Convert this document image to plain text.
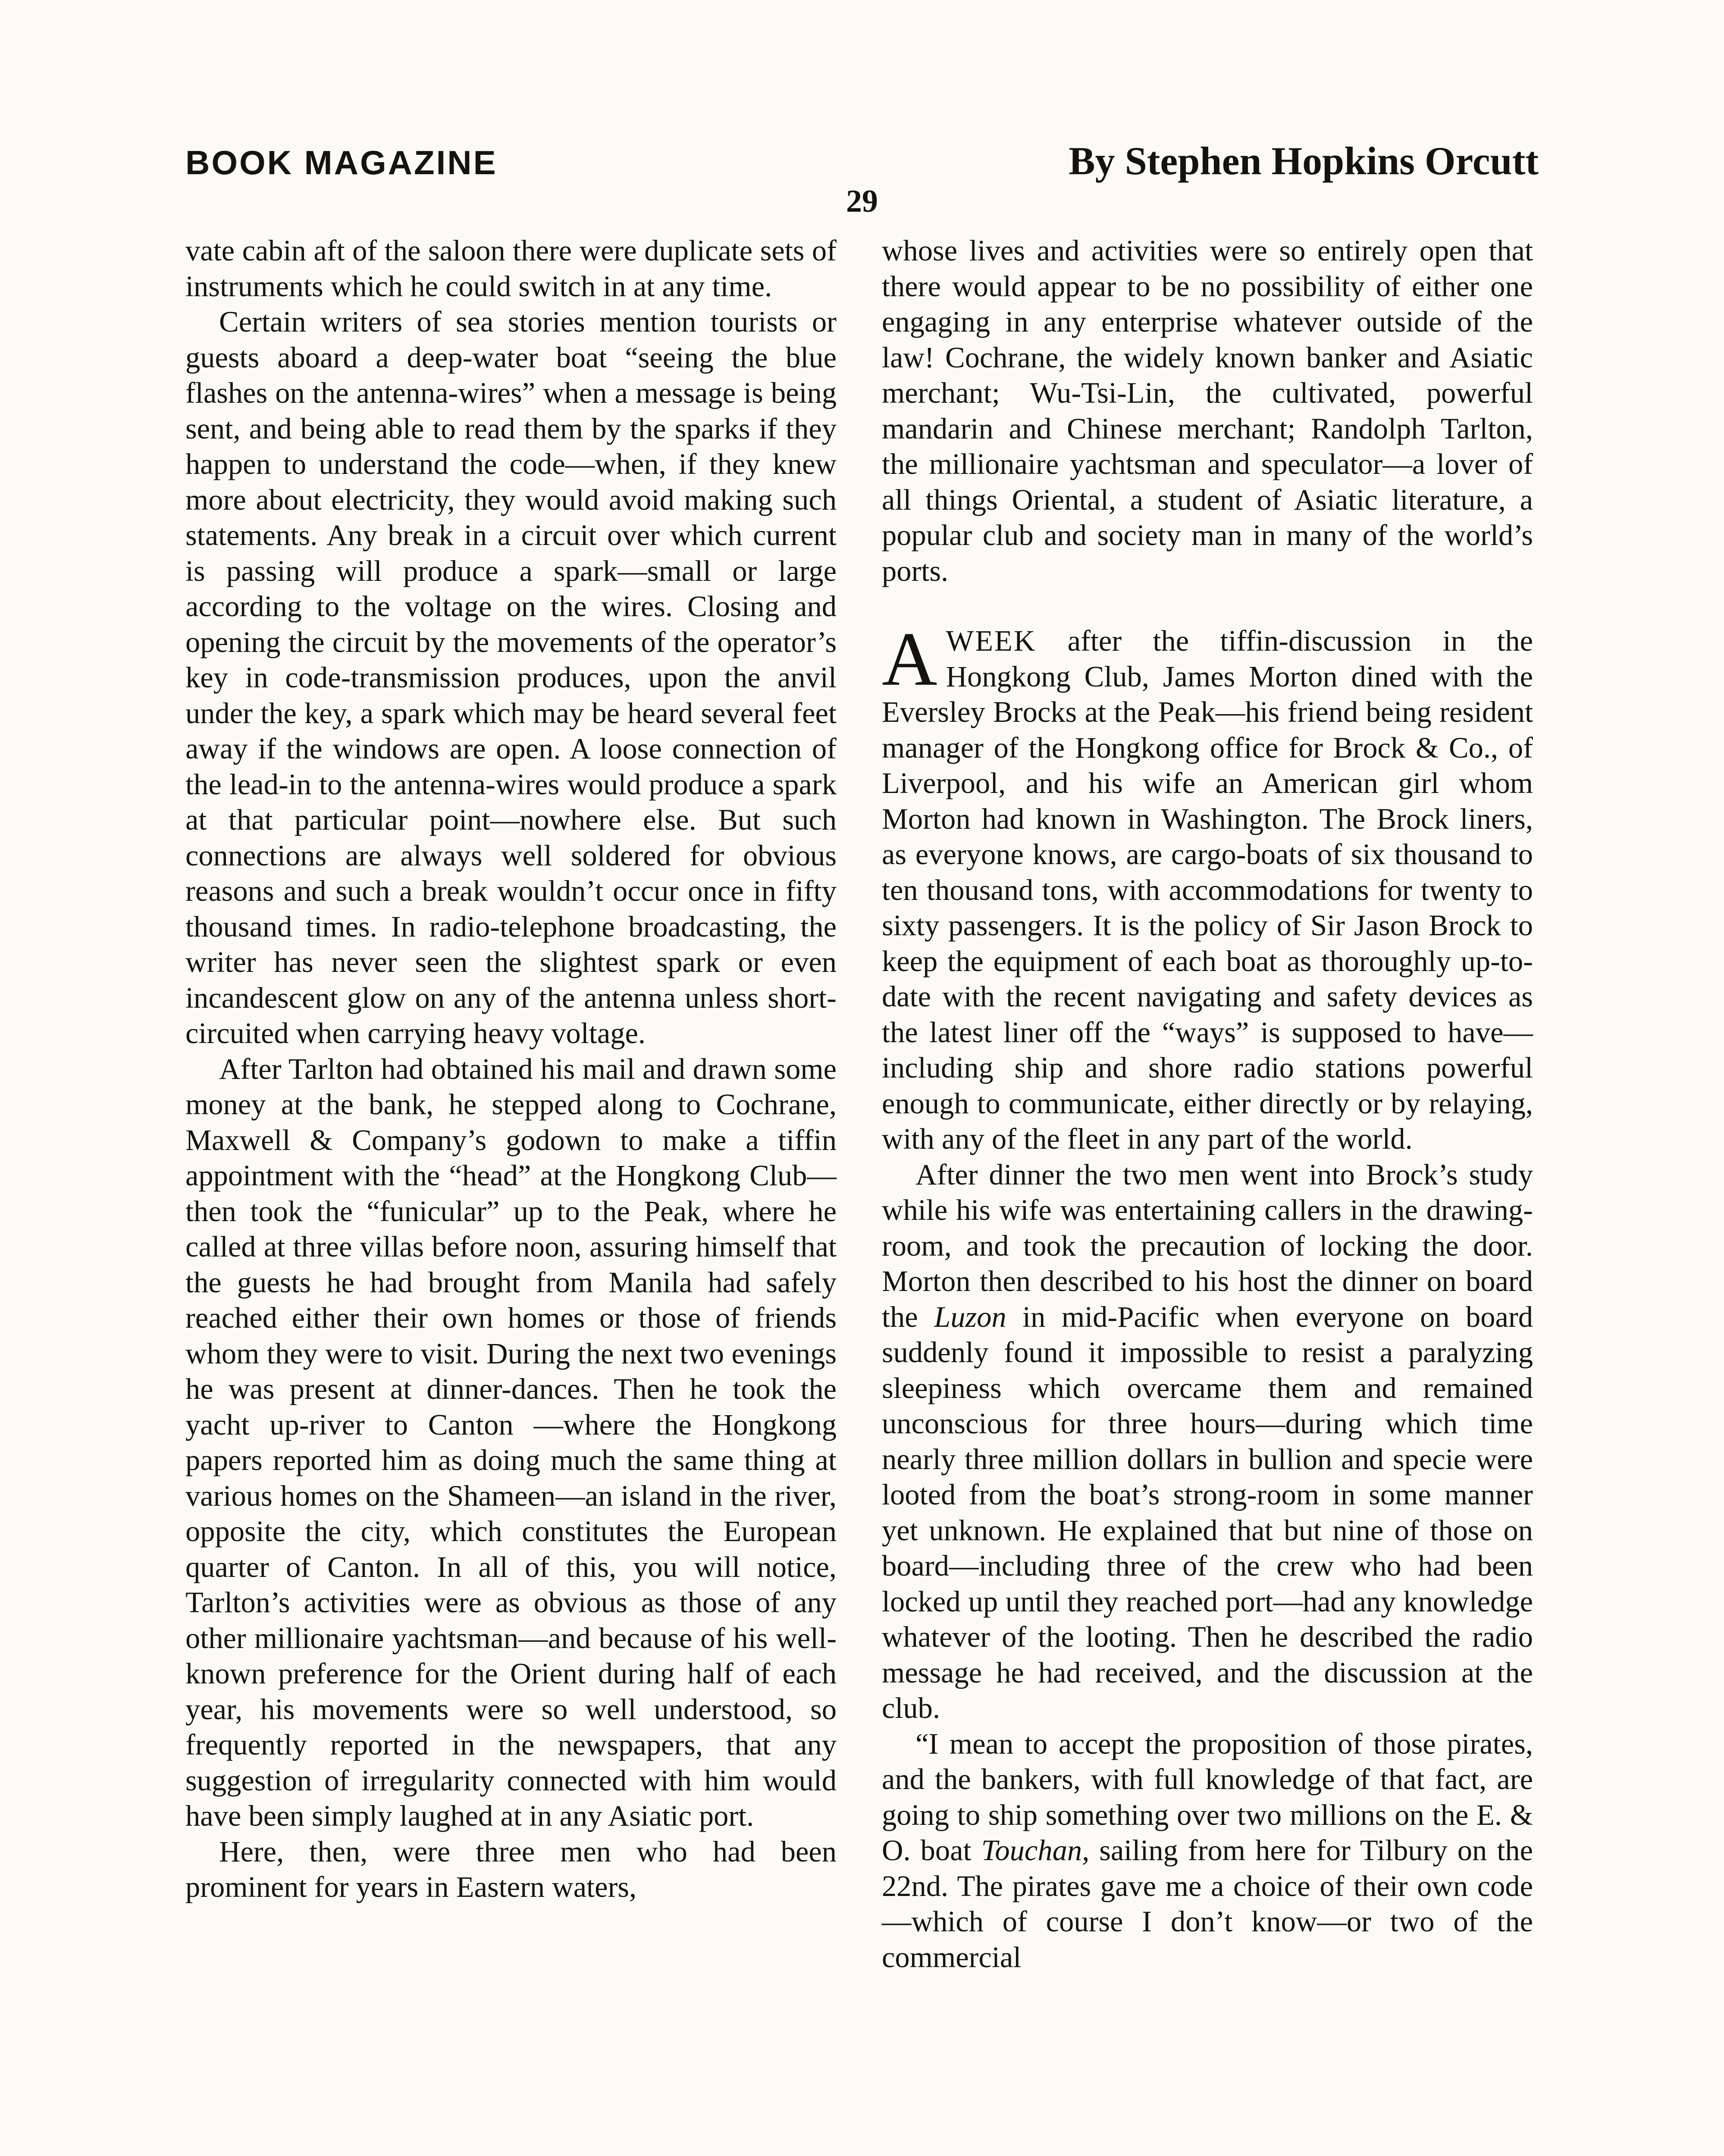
BOOK MAGAZINE	By Stephen Hopkins Orcutt
29

vate cabin aft of the saloon there were duplicate sets of instruments which he could switch in at any time.

Certain writers of sea stories mention tourists or guests aboard a deep-water boat “seeing the blue flashes on the antenna-wires” when a message is being sent, and being able to read them by the sparks if they happen to understand the code—when, if they knew more about electricity, they would avoid making such statements. Any break in a circuit over which current is passing will produce a spark—small or large according to the voltage on the wires. Closing and opening the circuit by the movements of the operator’s key in code-transmission produces, upon the anvil under the key, a spark which may be heard several feet away if the windows are open. A loose connection of the lead-in to the antenna-wires would produce a spark at that particular point—nowhere else. But such connections are always well soldered for obvious reasons and such a break wouldn’t occur once in fifty thousand times. In radio-telephone broadcasting, the writer has never seen the slightest spark or even incandescent glow on any of the antenna unless short-circuited when carrying heavy voltage.

After Tarlton had obtained his mail and drawn some money at the bank, he stepped along to Cochrane, Maxwell & Company’s godown to make a tiffin appointment with the “head” at the Hongkong Club—then took the “funicular” up to the Peak, where he called at three villas before noon, assuring himself that the guests he had brought from Manila had safely reached either their own homes or those of friends whom they were to visit. During the next two evenings he was present at dinner-dances. Then he took the yacht up-river to Canton —where the Hongkong papers reported him as doing much the same thing at various homes on the Shameen—an island in the river, opposite the city, which constitutes the European quarter of Canton. In all of this, you will notice, Tarlton’s activities were as obvious as those of any other millionaire yachtsman—and because of his well-known preference for the Orient during half of each year, his movements were so well understood, so frequently reported in the newspapers, that any suggestion of irregularity connected with him would have been simply laughed at in any Asiatic port.

Here, then, were three men who had been prominent for years in Eastern waters,

whose lives and activities were so entirely open that there would appear to be no possibility of either one engaging in any enterprise whatever outside of the law! Cochrane, the widely known banker and Asiatic merchant; Wu-Tsi-Lin, the cultivated, powerful mandarin and Chinese merchant; Randolph Tarlton, the millionaire yachtsman and speculator—a lover of all things Oriental, a student of Asiatic literature, a popular club and society man in many of the world’s ports.

AWEEK after the tiffin-discussion in the Hongkong Club, James Morton dined with the Eversley Brocks at the Peak—his friend being resident manager of the Hongkong office for Brock & Co., of Liverpool, and his wife an American girl whom Morton had known in Washington. The Brock liners, as everyone knows, are cargo-boats of six thousand to ten thousand tons, with accommodations for twenty to sixty passengers. It is the policy of Sir Jason Brock to keep the equipment of each boat as thoroughly up-to-date with the recent navigating and safety devices as the latest liner off the “ways” is supposed to have—including ship and shore radio stations powerful enough to communicate, either directly or by relaying, with any of the fleet in any part of the world.

After dinner the two men went into Brock’s study while his wife was entertaining callers in the drawing-room, and took the precaution of locking the door. Morton then described to his host the dinner on board the Luzon in mid-Pacific when everyone on board suddenly found it impossible to resist a paralyzing sleepiness which overcame them and remained unconscious for three hours—during which time nearly three million dollars in bullion and specie were looted from the boat’s strong-room in some manner yet unknown. He explained that but nine of those on board—including three of the crew who had been locked up until they reached port—had any knowledge whatever of the looting. Then he described the radio message he had received, and the discussion at the club.

“I mean to accept the proposition of those pirates, and the bankers, with full knowledge of that fact, are going to ship something over two millions on the E. & O. boat Touchan, sailing from here for Tilbury on the 22nd. The pirates gave me a choice of their own code—which of course I don’t know—or two of the commercial
